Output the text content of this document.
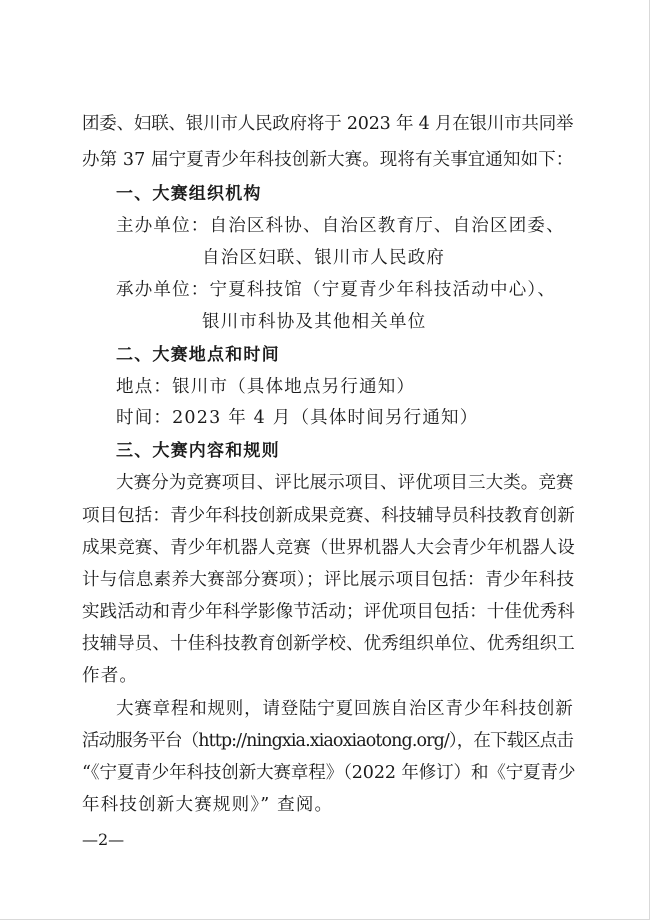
团委、妇联、银川市人民政府将于 2023 年 4 月在银川市共同举
办第 37 届宁夏青少年科技创新大赛。现将有关事宜通知如下：
一、大赛组织机构
主办单位：自治区科协、自治区教育厅、自治区团委、
自治区妇联、银川市人民政府
承办单位：宁夏科技馆（宁夏青少年科技活动中心）、
银川市科协及其他相关单位
二、大赛地点和时间
地点：银川市（具体地点另行通知）
时间：2023 年 4 月（具体时间另行通知）
三、大赛内容和规则
大赛分为竞赛项目、评比展示项目、评优项目三大类。竞赛
项目包括：青少年科技创新成果竞赛、科技辅导员科技教育创新
成果竞赛、青少年机器人竞赛（世界机器人大会青少年机器人设
计与信息素养大赛部分赛项）；评比展示项目包括：青少年科技
实践活动和青少年科学影像节活动；评优项目包括：十佳优秀科
技辅导员、十佳科技教育创新学校、优秀组织单位、优秀组织工
作者。
大赛章程和规则，请登陆宁夏回族自治区青少年科技创新
活动服务平台（http://ningxia.xiaoxiaotong.org/），在下载区点击
“《宁夏青少年科技创新大赛章程》（2022 年修订）和《宁夏青少
年科技创新大赛规则》” 查阅。
—2—
